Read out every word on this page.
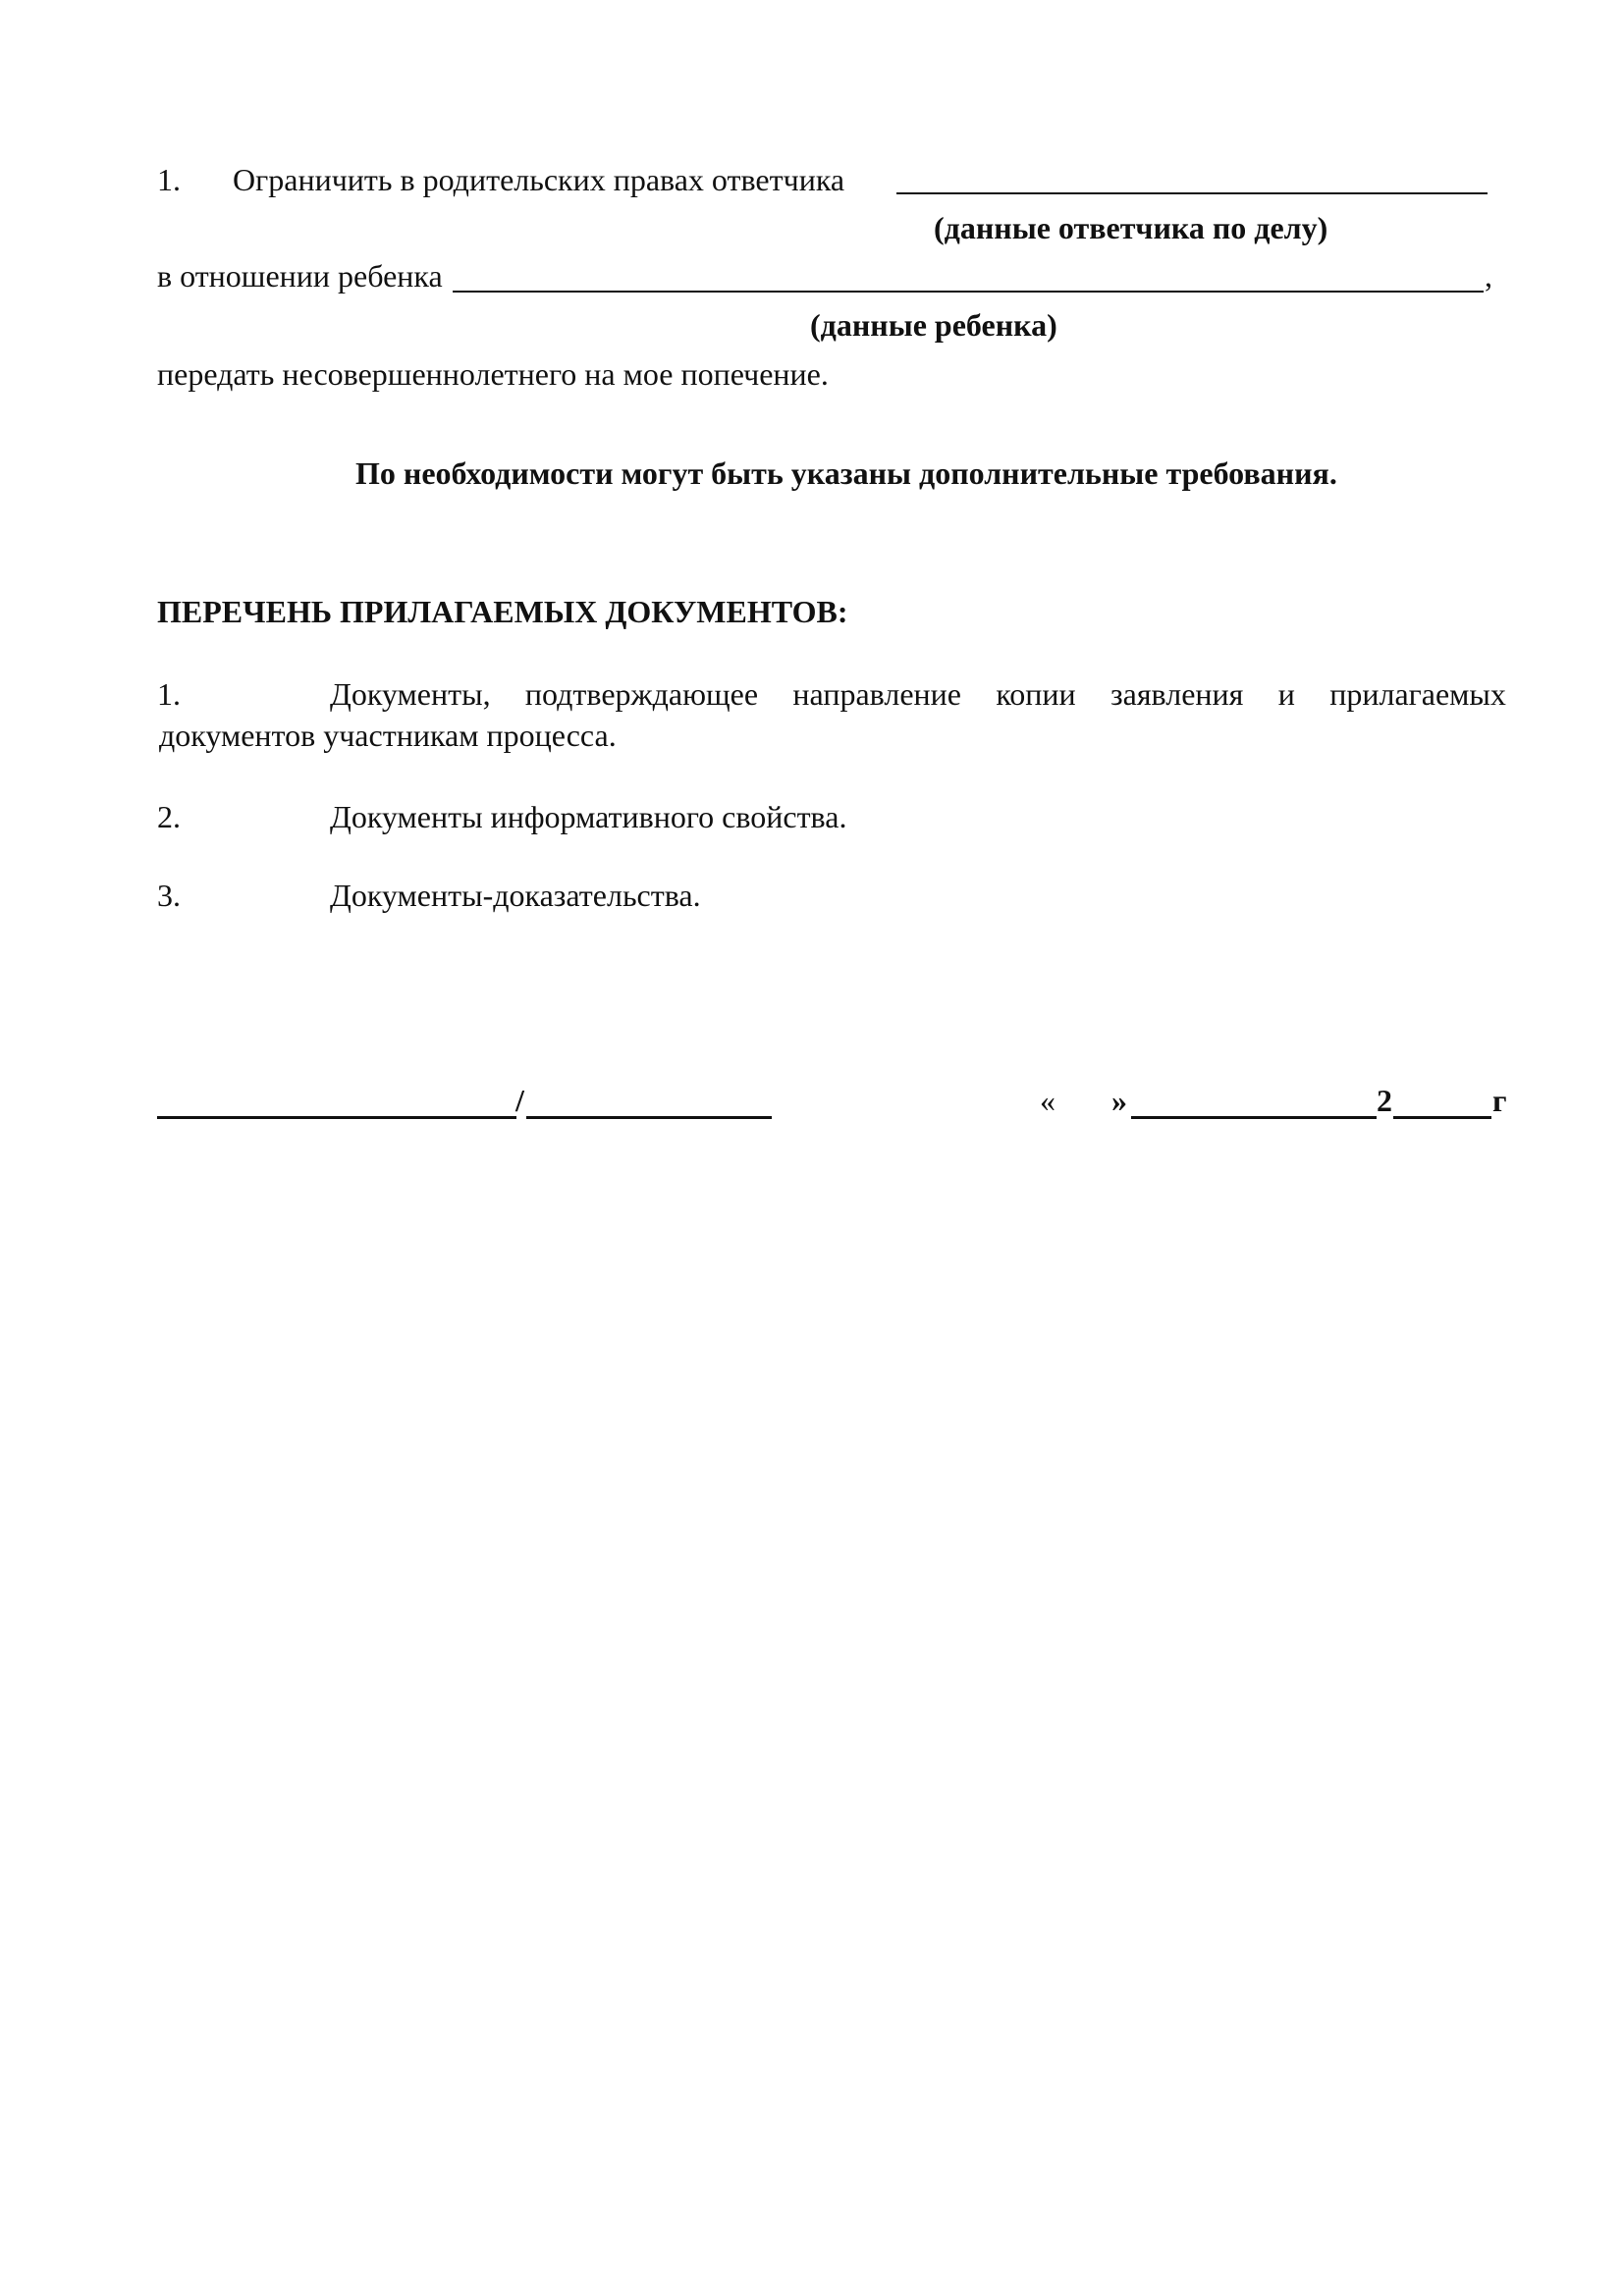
1. Ограничить в родительских правах ответчика
(данные ответчика по делу)
в отношении ребенка	,
(данные ребенка)
передать несовершеннолетнего на мое попечение.
По необходимости могут быть указаны дополнительные требования.
ПЕРЕЧЕНЬ ПРИЛАГАЕМЫХ ДОКУМЕНТОВ:
1.	Документы, подтверждающее направление копии заявления и прилагаемых
документов участникам процесса.
2.	Документы информативного свойства.
3.	Документы-доказательства.
/	« »	2	г
